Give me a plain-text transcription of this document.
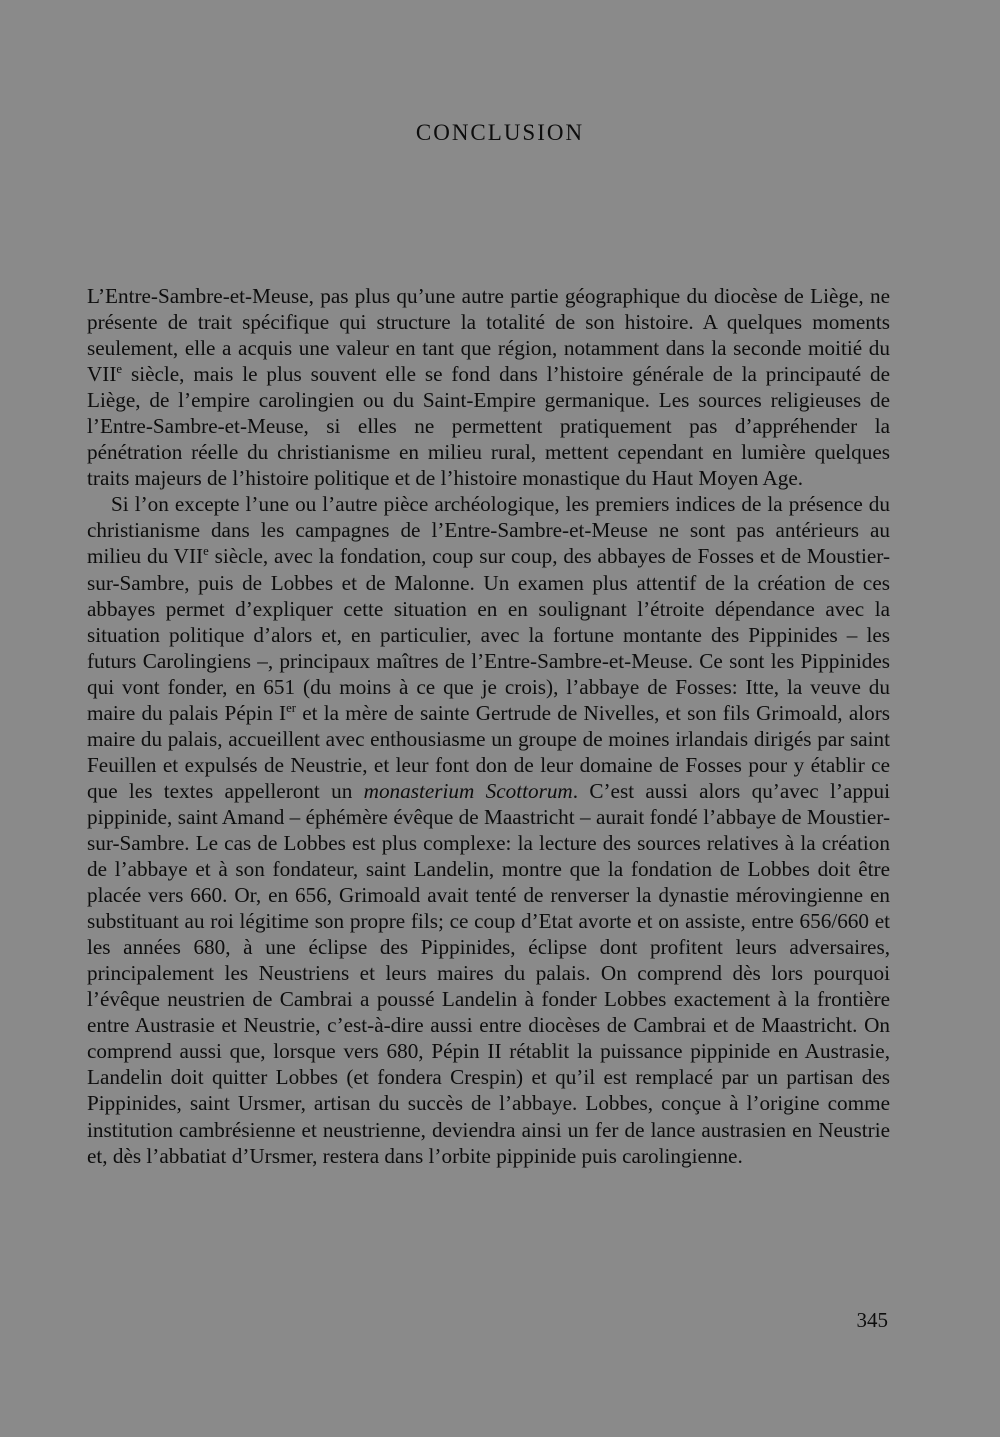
CONCLUSION

L’Entre-Sambre-et-Meuse, pas plus qu’une autre partie géographique du diocèse de Liège, ne présente de trait spécifique qui structure la totalité de son histoire. A quelques moments seulement, elle a acquis une valeur en tant que région, notamment dans la seconde moitié du VIIe siècle, mais le plus souvent elle se fond dans l’histoire générale de la principauté de Liège, de l’empire carolingien ou du Saint-Empire germanique. Les sources religieuses de l’Entre-Sambre-et-Meuse, si elles ne permettent pratiquement pas d’appréhender la pénétration réelle du christianisme en milieu rural, mettent cependant en lumière quelques traits majeurs de l’histoire politique et de l’histoire monastique du Haut Moyen Age.

Si l’on excepte l’une ou l’autre pièce archéologique, les premiers indices de la présence du christianisme dans les campagnes de l’Entre-Sambre-et-Meuse ne sont pas antérieurs au milieu du VIIe siècle, avec la fondation, coup sur coup, des abbayes de Fosses et de Moustier-sur-Sambre, puis de Lobbes et de Malonne. Un examen plus attentif de la création de ces abbayes permet d’expliquer cette situation en en soulignant l’étroite dépendance avec la situation politique d’alors et, en particulier, avec la fortune montante des Pippinides – les futurs Carolingiens –, principaux maîtres de l’Entre-Sambre-et-Meuse. Ce sont les Pippinides qui vont fonder, en 651 (du moins à ce que je crois), l’abbaye de Fosses: Itte, la veuve du maire du palais Pépin Ier et la mère de sainte Gertrude de Nivelles, et son fils Grimoald, alors maire du palais, accueillent avec enthousiasme un groupe de moines irlandais dirigés par saint Feuillen et expulsés de Neustrie, et leur font don de leur domaine de Fosses pour y établir ce que les textes appelleront un monasterium Scottorum. C’est aussi alors qu’avec l’appui pippinide, saint Amand – éphémère évêque de Maastricht – aurait fondé l’abbaye de Moustier-sur-Sambre. Le cas de Lobbes est plus complexe: la lecture des sources relatives à la création de l’abbaye et à son fondateur, saint Landelin, montre que la fondation de Lobbes doit être placée vers 660. Or, en 656, Grimoald avait tenté de renverser la dynastie mérovingienne en substituant au roi légitime son propre fils; ce coup d’Etat avorte et on assiste, entre 656/660 et les années 680, à une éclipse des Pippinides, éclipse dont profitent leurs adversaires, principalement les Neustriens et leurs maires du palais. On comprend dès lors pourquoi l’évêque neustrien de Cambrai a poussé Landelin à fonder Lobbes exactement à la frontière entre Austrasie et Neustrie, c’est-à-dire aussi entre diocèses de Cambrai et de Maastricht. On comprend aussi que, lorsque vers 680, Pépin II rétablit la puissance pippinide en Austrasie, Landelin doit quitter Lobbes (et fondera Crespin) et qu’il est remplacé par un partisan des Pippinides, saint Ursmer, artisan du succès de l’abbaye. Lobbes, conçue à l’origine comme institution cambrésienne et neustrienne, deviendra ainsi un fer de lance austrasien en Neustrie et, dès l’abbatiat d’Ursmer, restera dans l’orbite pippinide puis carolingienne.

345
